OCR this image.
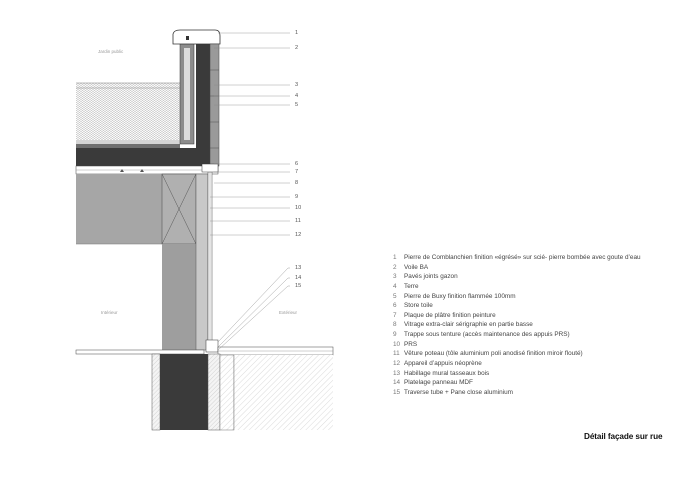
Jardin public
Intérieur	Extérieur
1
2
3
4
5
6
7
8
9
10
11
12
13
14
15
1	Pierre de Comblanchien finition «égrésé» sur scié- pierre bombée avec goute d’eau
2	Voile BA
3	Pavés joints gazon
4	Terre
5	Pierre de Buxy finition flammée 100mm
6	Store toile
7	Plaque de plâtre finition peinture
8	Vitrage extra-clair sérigraphie en partie basse
9	Trappe sous tenture (accès maintenance des appuis PRS)
10 PRS
11 Vêture poteau (tôle aluminium poli anodisé finition miroir flouté)
12 Appareil d’appuis néoprène
13 Habillage mural tasseaux bois
14 Platelage panneau MDF
15 Traverse tube + Pane close aluminium
Détail façade sur rue
